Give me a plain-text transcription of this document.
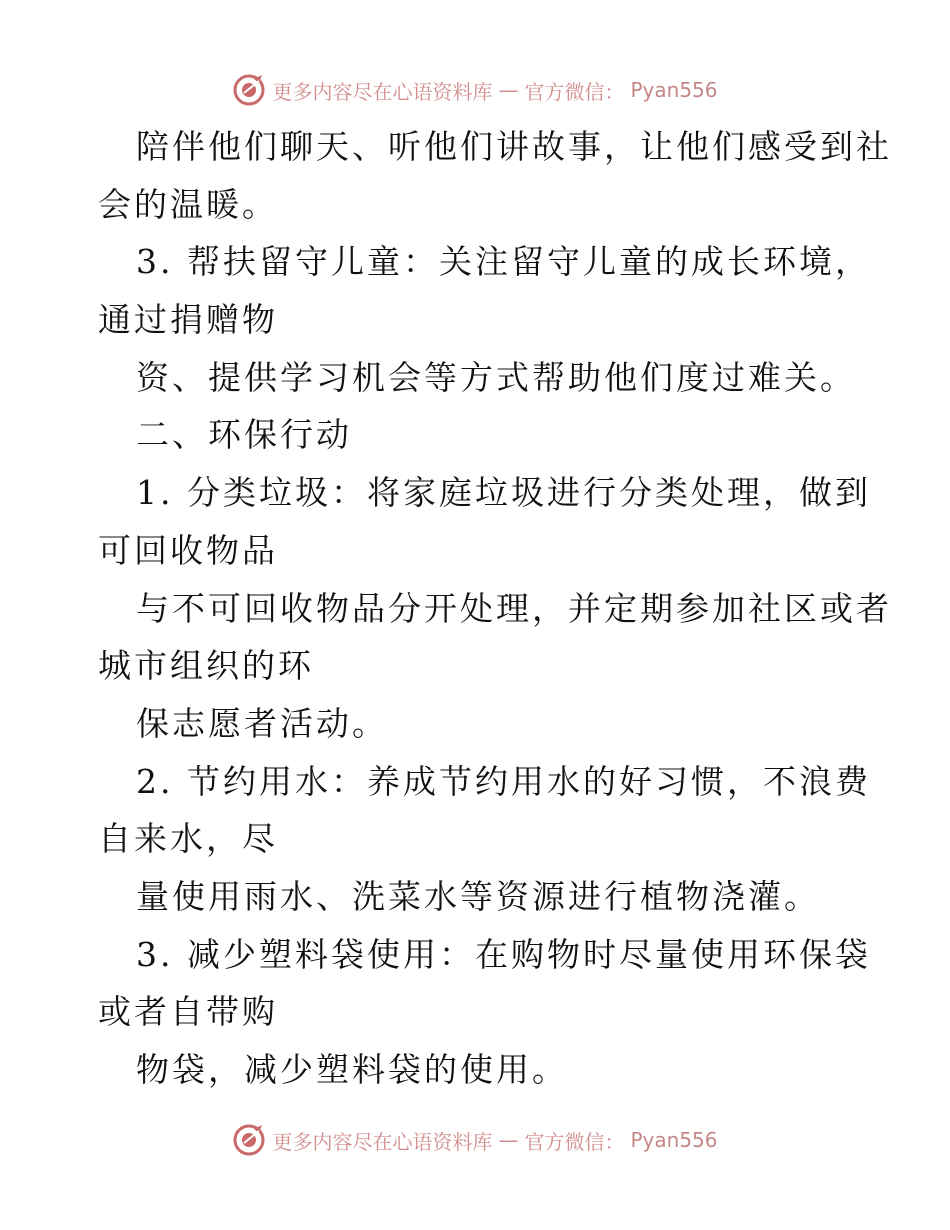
更多内容尽在心语资料库 — 官方微信： Pyan556
陪伴他们聊天、听他们讲故事，让他们感受到社
会的温暖。
3. 帮扶留守儿童：关注留守儿童的成长环境，
通过捐赠物
资、提供学习机会等方式帮助他们度过难关。
二、环保行动
1. 分类垃圾：将家庭垃圾进行分类处理，做到
可回收物品
与不可回收物品分开处理，并定期参加社区或者
城市组织的环
保志愿者活动。
2. 节约用水：养成节约用水的好习惯，不浪费
自来水，尽
量使用雨水、洗菜水等资源进行植物浇灌。
3. 减少塑料袋使用：在购物时尽量使用环保袋
或者自带购
物袋，减少塑料袋的使用。
更多内容尽在心语资料库 — 官方微信： Pyan556
